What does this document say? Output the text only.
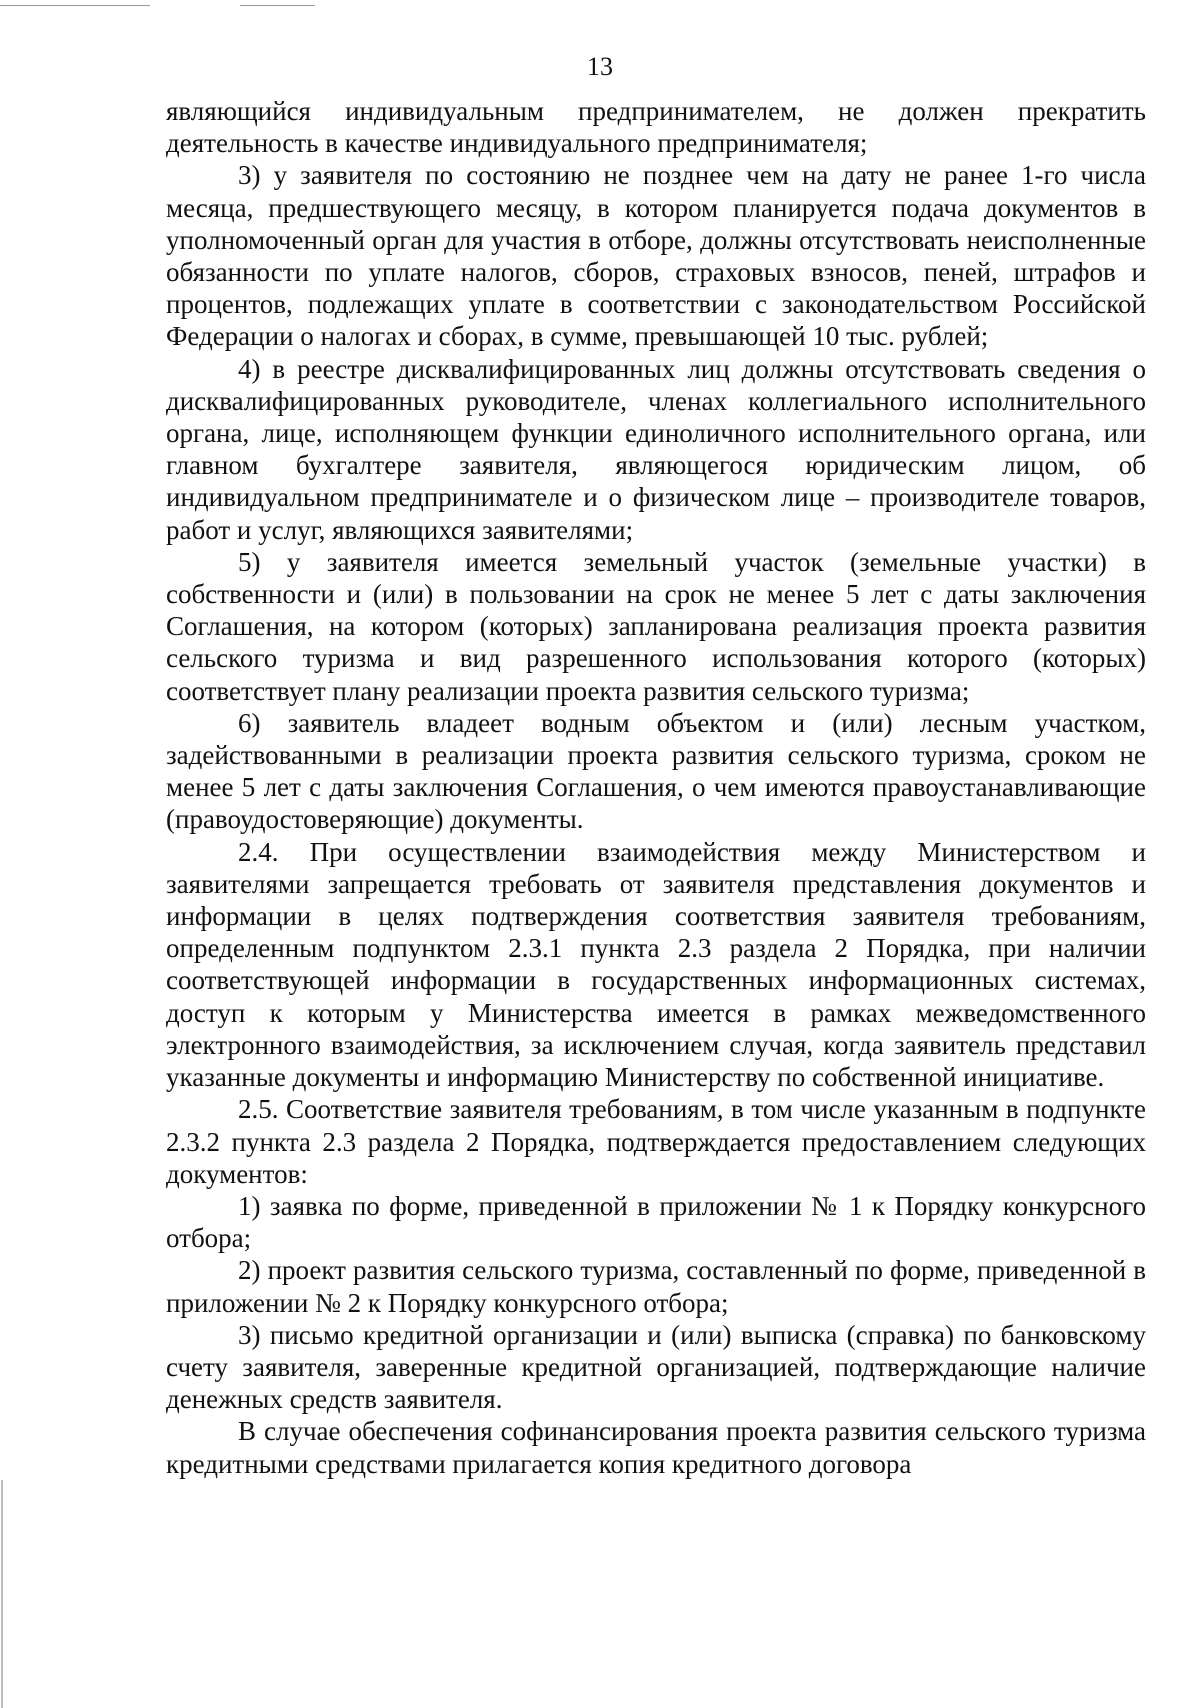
13

являющийся индивидуальным предпринимателем, не должен прекратить деятельность в качестве индивидуального предпринимателя;

3) у заявителя по состоянию не позднее чем на дату не ранее 1-го числа месяца, предшествующего месяцу, в котором планируется подача документов в уполномоченный орган для участия в отборе, должны отсутствовать неисполненные обязанности по уплате налогов, сборов, страховых взносов, пеней, штрафов и процентов, подлежащих уплате в соответствии с законодательством Российской Федерации о налогах и сборах, в сумме, превышающей 10 тыс. рублей;

4) в реестре дисквалифицированных лиц должны отсутствовать сведения о дисквалифицированных руководителе, членах коллегиального исполнительного органа, лице, исполняющем функции единоличного исполнительного органа, или главном бухгалтере заявителя, являющегося юридическим лицом, об индивидуальном предпринимателе и о физическом лице – производителе товаров, работ и услуг, являющихся заявителями;

5) у заявителя имеется земельный участок (земельные участки) в собственности и (или) в пользовании на срок не менее 5 лет с даты заключения Соглашения, на котором (которых) запланирована реализация проекта развития сельского туризма и вид разрешенного использования которого (которых) соответствует плану реализации проекта развития сельского туризма;

6) заявитель владеет водным объектом и (или) лесным участком, задействованными в реализации проекта развития сельского туризма, сроком не менее 5 лет с даты заключения Соглашения, о чем имеются правоустанавливающие (правоудостоверяющие) документы.

2.4. При осуществлении взаимодействия между Министерством и заявителями запрещается требовать от заявителя представления документов и информации в целях подтверждения соответствия заявителя требованиям, определенным подпунктом 2.3.1 пункта 2.3 раздела 2 Порядка, при наличии соответствующей информации в государственных информационных системах, доступ к которым у Министерства имеется в рамках межведомственного электронного взаимодействия, за исключением случая, когда заявитель представил указанные документы и информацию Министерству по собственной инициативе.

2.5. Соответствие заявителя требованиям, в том числе указанным в подпункте 2.3.2 пункта 2.3 раздела 2 Порядка, подтверждается предоставлением следующих документов:

1) заявка по форме, приведенной в приложении № 1 к Порядку конкурсного отбора;

2) проект развития сельского туризма, составленный по форме, приведенной в приложении № 2 к Порядку конкурсного отбора;

3) письмо кредитной организации и (или) выписка (справка) по банковскому счету заявителя, заверенные кредитной организацией, подтверждающие наличие денежных средств заявителя.

В случае обеспечения софинансирования проекта развития сельского туризма кредитными средствами прилагается копия кредитного договора
